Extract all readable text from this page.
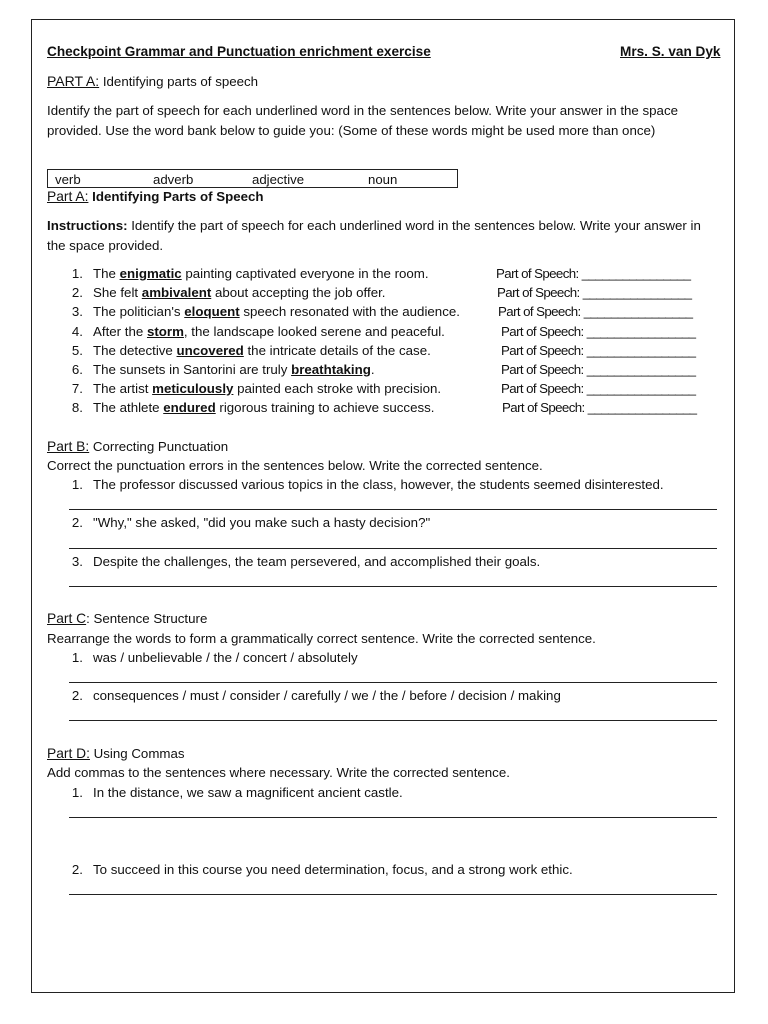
Checkpoint Grammar and Punctuation enrichment exercise	Mrs. S. van Dyk
PART A: Identifying parts of speech
Identify the part of speech for each underlined word in the sentences below. Write your answer in the space provided. Use the word bank below to guide you: (Some of these words might be used more than once)
verb	adverb	adjective	noun
Part A: Identifying Parts of Speech
Instructions: Identify the part of speech for each underlined word in the sentences below. Write your answer in the space provided.
1. The enigmatic painting captivated everyone in the room.	Part of Speech: ________________
2. She felt ambivalent about accepting the job offer.	Part of Speech: ________________
3. The politician's eloquent speech resonated with the audience.	Part of Speech: ________________
4. After the storm, the landscape looked serene and peaceful.	Part of Speech: ________________
5. The detective uncovered the intricate details of the case.	Part of Speech: ________________
6. The sunsets in Santorini are truly breathtaking.	Part of Speech: ________________
7. The artist meticulously painted each stroke with precision.	Part of Speech: ________________
8. The athlete endured rigorous training to achieve success.	Part of Speech: ________________
Part B: Correcting Punctuation
Correct the punctuation errors in the sentences below. Write the corrected sentence.
1. The professor discussed various topics in the class, however, the students seemed disinterested.
2. "Why," she asked, "did you make such a hasty decision?"
3. Despite the challenges, the team persevered, and accomplished their goals.
Part C: Sentence Structure
Rearrange the words to form a grammatically correct sentence. Write the corrected sentence.
1. was / unbelievable / the / concert / absolutely
2. consequences / must / consider / carefully / we / the / before / decision / making
Part D: Using Commas
Add commas to the sentences where necessary. Write the corrected sentence.
1. In the distance, we saw a magnificent ancient castle.
2. To succeed in this course you need determination, focus, and a strong work ethic.
